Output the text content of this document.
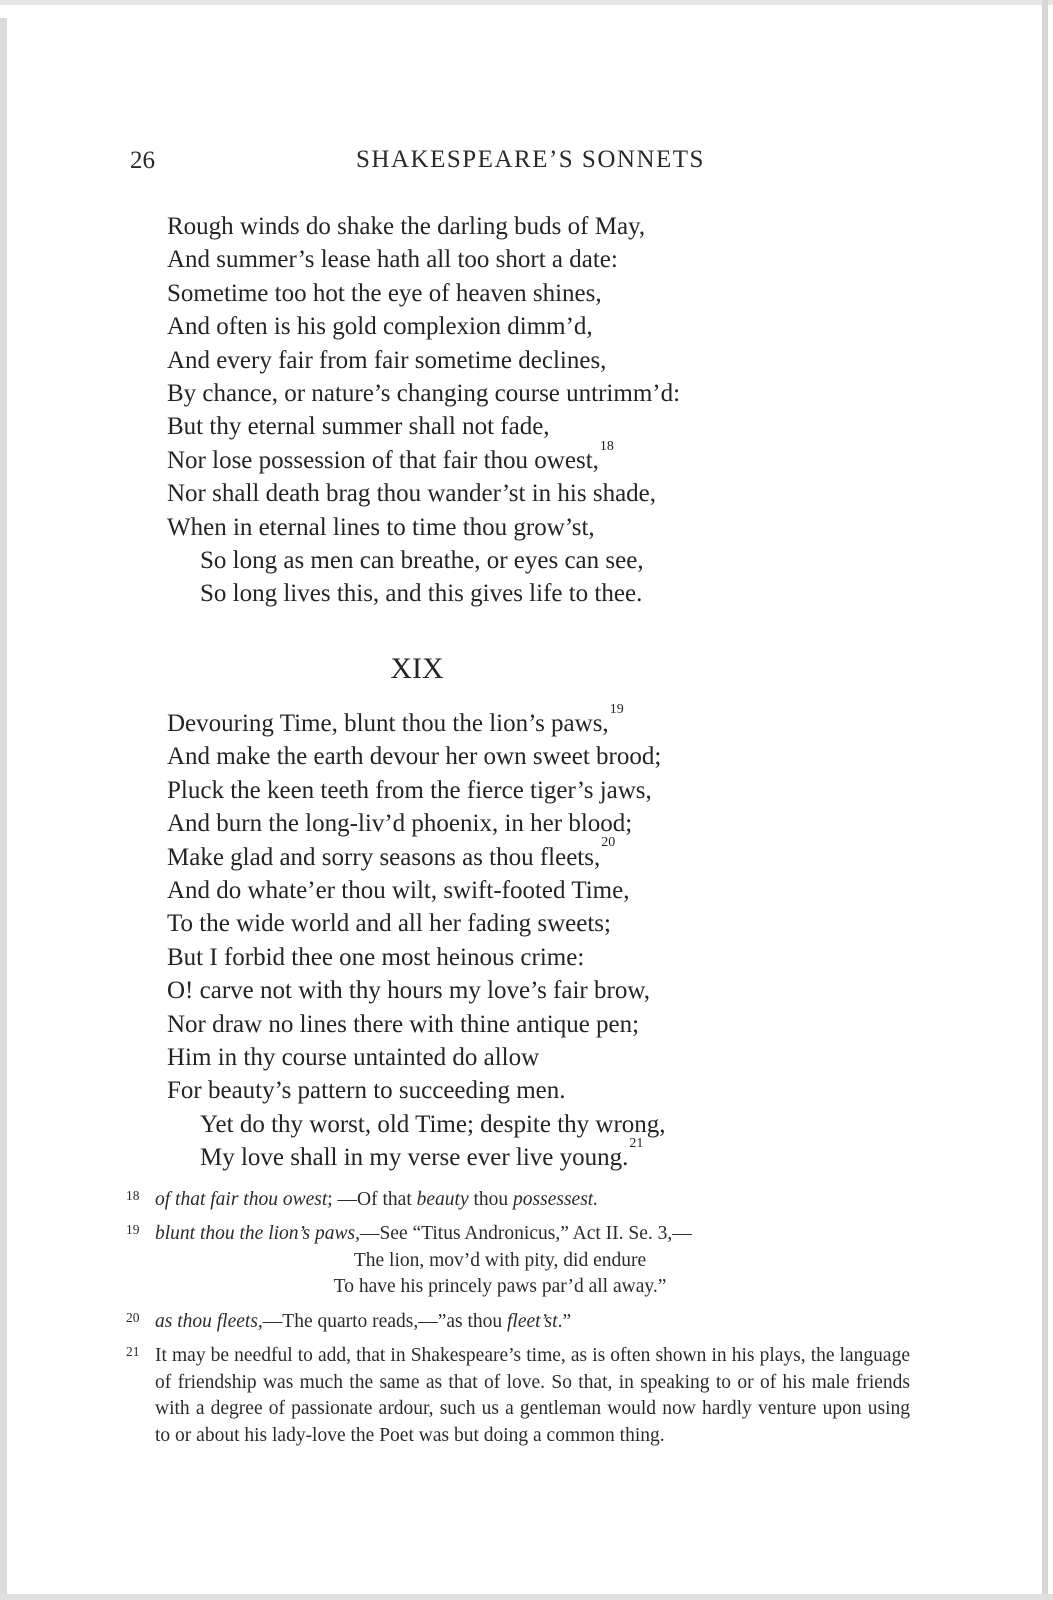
26	SHAKESPEARE’S SONNETS
Rough winds do shake the darling buds of May,
And summer’s lease hath all too short a date:
Sometime too hot the eye of heaven shines,
And often is his gold complexion dimm’d,
And every fair from fair sometime declines,
By chance, or nature’s changing course untrimm’d:
But thy eternal summer shall not fade,
Nor lose possession of that fair thou owest,$^{18}$
Nor shall death brag thou wander’st in his shade,
When in eternal lines to time thou grow’st,
So long as men can breathe, or eyes can see,
So long lives this, and this gives life to thee.
XIX
Devouring Time, blunt thou the lion’s paws,$^{19}$
And make the earth devour her own sweet brood;
Pluck the keen teeth from the fierce tiger’s jaws,
And burn the long-liv’d phoenix, in her blood;
Make glad and sorry seasons as thou fleets,$^{20}$
And do whate’er thou wilt, swift-footed Time,
To the wide world and all her fading sweets;
But I forbid thee one most heinous crime:
O! carve not with thy hours my love’s fair brow,
Nor draw no lines there with thine antique pen;
Him in thy course untainted do allow
For beauty’s pattern to succeeding men.
Yet do thy worst, old Time; despite thy wrong,
My love shall in my verse ever live young.$^{21}$
18 of that fair thou owest; —Of that beauty thou possessest.
19 blunt thou the lion’s paws,—See “Titus Andronicus,” Act II. Se. 3,—
The lion, mov’d with pity, did endure
To have his princely paws par’d all away.”
20 as thou fleets,—The quarto reads,—”as thou fleet’st.”
21 It may be needful to add, that in Shakespeare’s time, as is often shown in his plays, the language of friendship was much the same as that of love. So that, in speaking to or of his male friends with a degree of passionate ardour, such us a gentleman would now hardly venture upon using to or about his lady-love the Poet was but doing a common thing.
